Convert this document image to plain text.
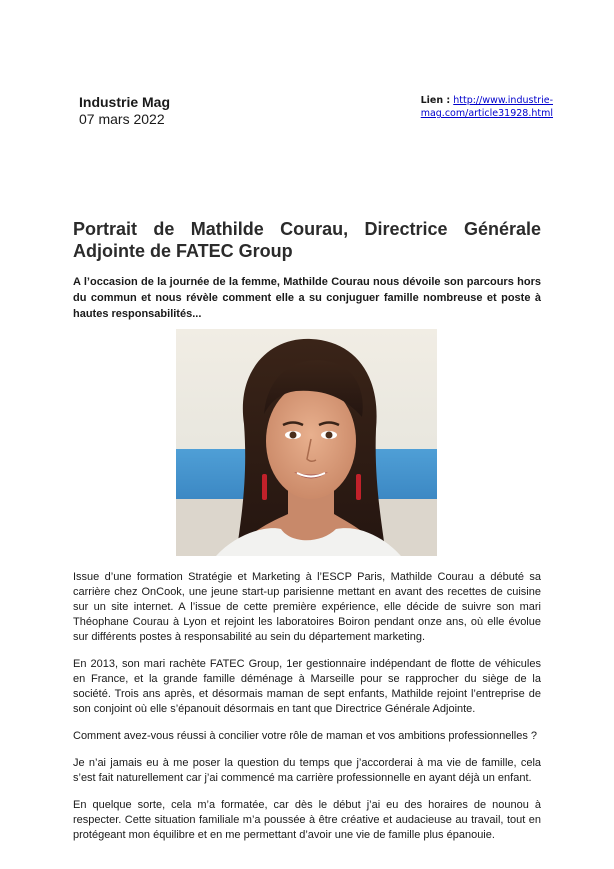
Industrie Mag
07 mars 2022
Lien : http://www.industrie-
mag.com/article31928.html
Portrait de Mathilde Courau, Directrice Générale Adjointe de FATEC Group

A l’occasion de la journée de la femme, Mathilde Courau nous dévoile son parcours hors du commun et nous révèle comment elle a su conjuguer famille nombreuse et poste à hautes responsabilités...

Issue d’une formation Stratégie et Marketing à l’ESCP Paris, Mathilde Courau a débuté sa carrière chez OnCook, une jeune start-up parisienne mettant en avant des recettes de cuisine sur un site internet. A l’issue de cette première expérience, elle décide de suivre son mari Théophane Courau à Lyon et rejoint les laboratoires Boiron pendant onze ans, où elle évolue sur différents postes à responsabilité au sein du département marketing.

En 2013, son mari rachète FATEC Group, 1er gestionnaire indépendant de flotte de véhicules en France, et la grande famille déménage à Marseille pour se rapprocher du siège de la société. Trois ans après, et désormais maman de sept enfants, Mathilde rejoint l’entreprise de son conjoint où elle s’épanouit désormais en tant que Directrice Générale Adjointe.

Comment avez-vous réussi à concilier votre rôle de maman et vos ambitions professionnelles ?

Je n’ai jamais eu à me poser la question du temps que j’accorderai à ma vie de famille, cela s’est fait naturellement car j’ai commencé ma carrière professionnelle en ayant déjà un enfant.

En quelque sorte, cela m’a formatée, car dès le début j’ai eu des horaires de nounou à respecter. Cette situation familiale m’a poussée à être créative et audacieuse au travail, tout en protégeant mon équilibre et en me permettant d’avoir une vie de famille plus épanouie.
